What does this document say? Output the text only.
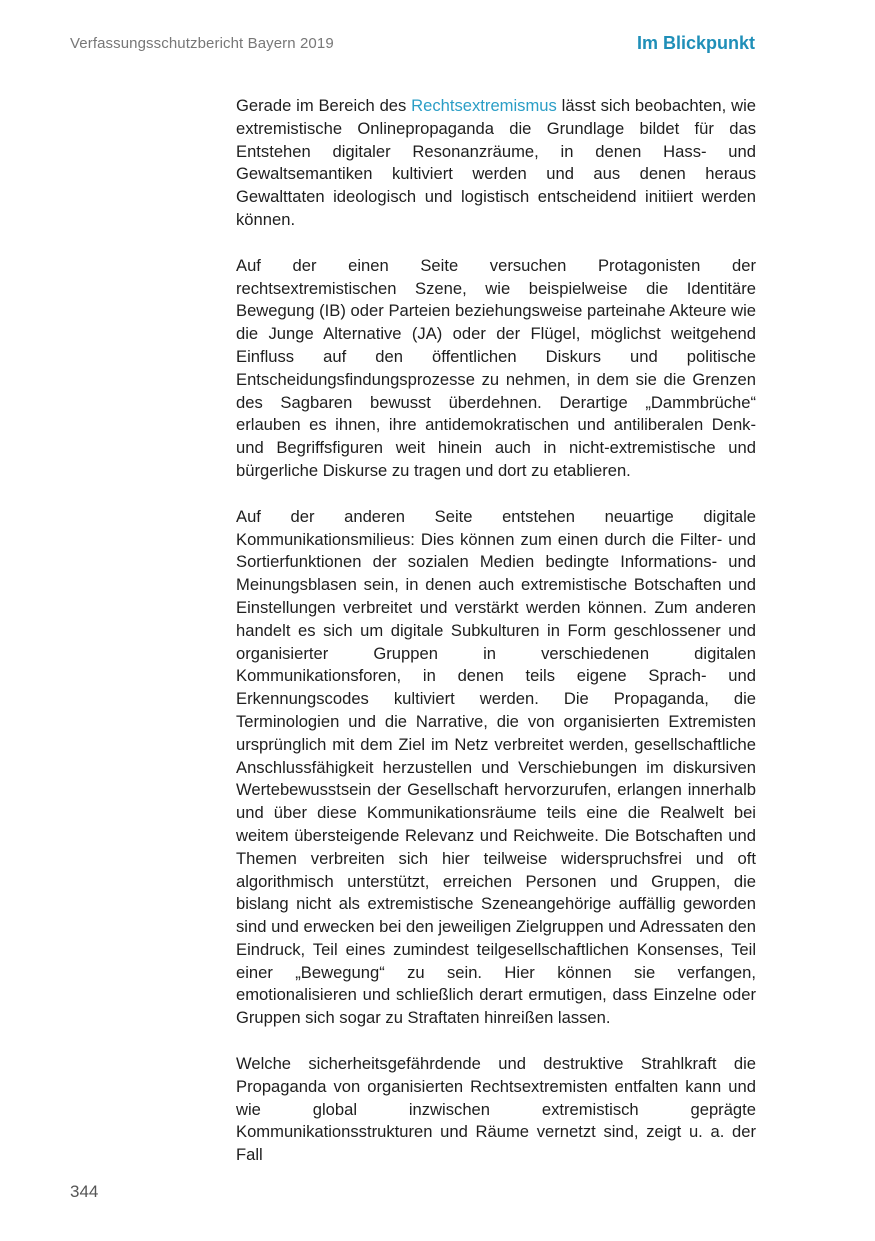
Verfassungsschutzbericht Bayern 2019	Im Blickpunkt

Gerade im Bereich des Rechtsextremismus lässt sich beobachten, wie extremistische Onlinepropaganda die Grundlage bildet für das Entstehen digitaler Resonanzräume, in denen Hass- und Gewaltsemantiken kultiviert werden und aus denen heraus Gewalttaten ideologisch und logistisch entscheidend initiiert werden können.

Auf der einen Seite versuchen Protagonisten der rechtsextremistischen Szene, wie beispielweise die Identitäre Bewegung (IB) oder Parteien beziehungsweise parteinahe Akteure wie die Junge Alternative (JA) oder der Flügel, möglichst weitgehend Einfluss auf den öffentlichen Diskurs und politische Entscheidungsfindungsprozesse zu nehmen, in dem sie die Grenzen des Sagbaren bewusst überdehnen. Derartige „Dammbrüche“ erlauben es ihnen, ihre antidemokratischen und antiliberalen Denk- und Begriffsfiguren weit hinein auch in nicht-extremistische und bürgerliche Diskurse zu tragen und dort zu etablieren.

Auf der anderen Seite entstehen neuartige digitale Kommunikationsmilieus: Dies können zum einen durch die Filter- und Sortierfunktionen der sozialen Medien bedingte Informations- und Meinungsblasen sein, in denen auch extremistische Botschaften und Einstellungen verbreitet und verstärkt werden können. Zum anderen handelt es sich um digitale Subkulturen in Form geschlossener und organisierter Gruppen in verschiedenen digitalen Kommunikationsforen, in denen teils eigene Sprach- und Erkennungscodes kultiviert werden. Die Propaganda, die Terminologien und die Narrative, die von organisierten Extremisten ursprünglich mit dem Ziel im Netz verbreitet werden, gesellschaftliche Anschlussfähigkeit herzustellen und Verschiebungen im diskursiven Wertebewusstsein der Gesellschaft hervorzurufen, erlangen innerhalb und über diese Kommunikationsräume teils eine die Realwelt bei weitem übersteigende Relevanz und Reichweite. Die Botschaften und Themen verbreiten sich hier teilweise widerspruchsfrei und oft algorithmisch unterstützt, erreichen Personen und Gruppen, die bislang nicht als extremistische Szeneangehörige auffällig geworden sind und erwecken bei den jeweiligen Zielgruppen und Adressaten den Eindruck, Teil eines zumindest teilgesellschaftlichen Konsenses, Teil einer „Bewegung“ zu sein. Hier können sie verfangen, emotionalisieren und schließlich derart ermutigen, dass Einzelne oder Gruppen sich sogar zu Straftaten hinreißen lassen.

Welche sicherheitsgefährdende und destruktive Strahlkraft die Propaganda von organisierten Rechtsextremisten entfalten kann und wie global inzwischen extremistisch geprägte Kommunikationsstrukturen und Räume vernetzt sind, zeigt u. a. der Fall

344
